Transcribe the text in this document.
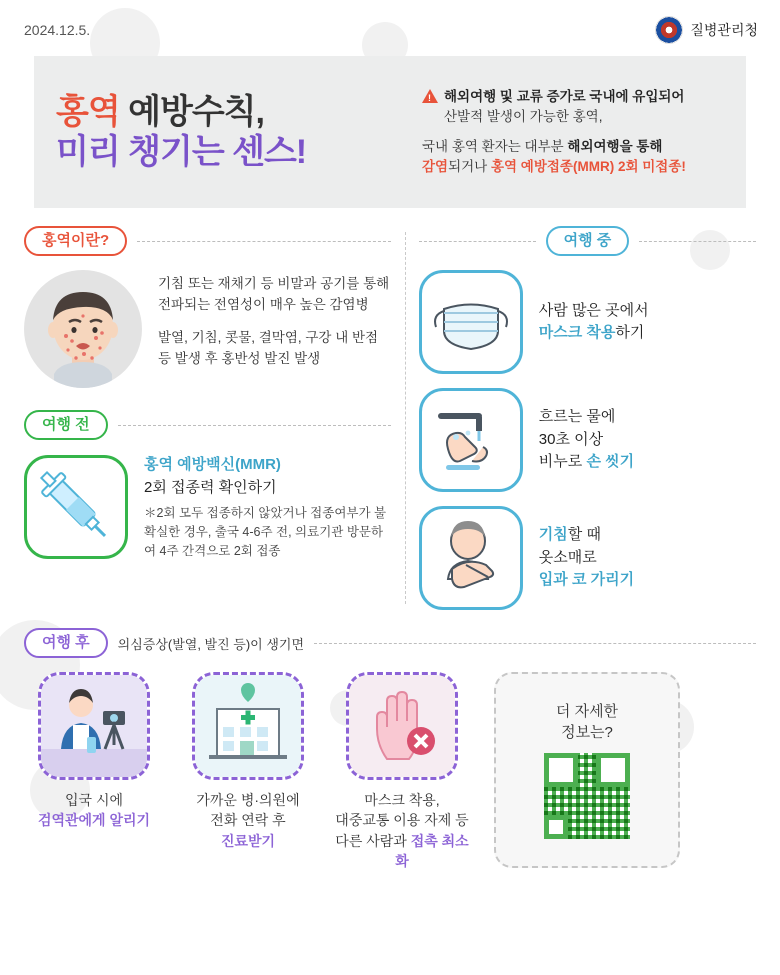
2024.12.5.	질병관리청
홍역 예방수칙,
미리 챙기는 센스!
! 해외여행 및 교류 증가로 국내에 유입되어
산발적 발생이 가능한 홍역,

국내 홍역 환자는 대부분 해외여행을 통해
감염되거나 홍역 예방접종(MMR) 2회 미접종!

홍역이란?

기침 또는 재채기 등 비말과 공기를 통해 전파되는 전염성이 매우 높은 감염병

발열, 기침, 콧물, 결막염, 구강 내 반점 등 발생 후 홍반성 발진 발생

여행 전
홍역 예방백신(MMR)
2회 접종력 확인하기
＊2회 모두 접종하지 않았거나 접종여부가 불확실한 경우, 출국 4-6주 전, 의료기관 방문하여 4주 간격으로 2회 접종
여행 중
사람 많은 곳에서
마스크 착용하기
흐르는 물에
30초 이상
비누로 손 씻기
기침할 때
옷소매로
입과 코 가리기
여행 후	의심증상(발열, 발진 등)이 생기면
입국 시에
검역관에게 알리기
가까운 병·의원에
전화 연락 후
진료받기
마스크 착용,
대중교통 이용 자제 등
다른 사람과 접촉 최소화
더 자세한
정보는?
